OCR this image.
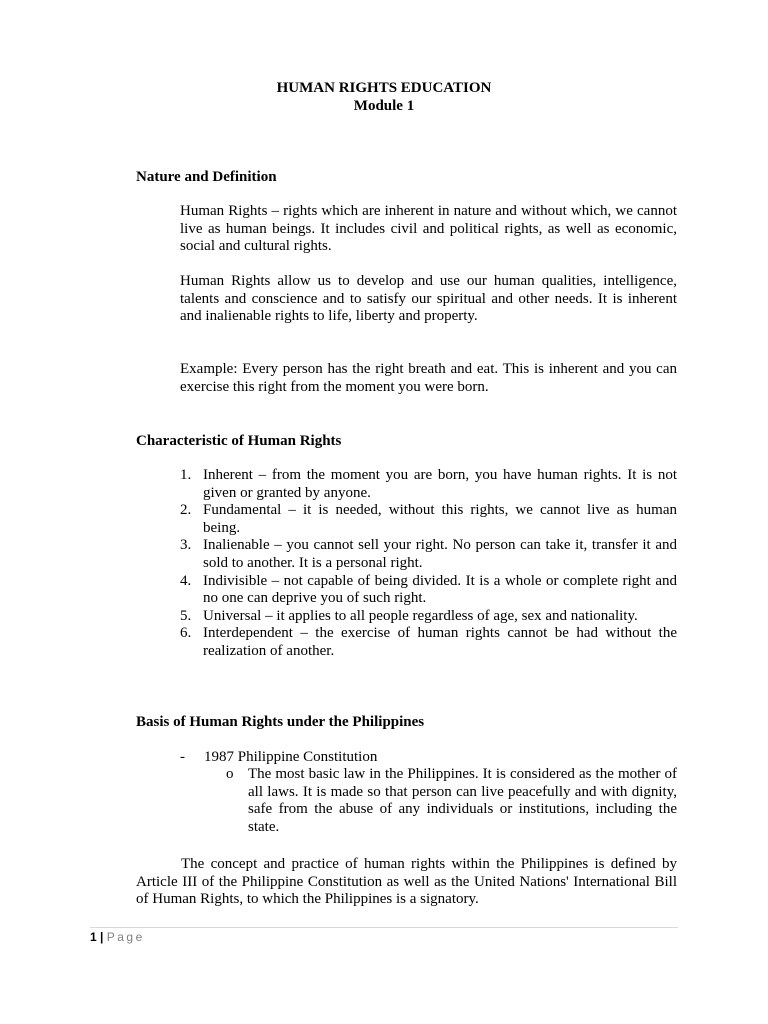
HUMAN RIGHTS EDUCATION
Module 1
Nature and Definition
Human Rights – rights which are inherent in nature and without which, we cannot live as human beings. It includes civil and political rights, as well as economic, social and cultural rights.
Human Rights allow us to develop and use our human qualities, intelligence, talents and conscience and to satisfy our spiritual and other needs. It is inherent and inalienable rights to life, liberty and property.
Example: Every person has the right breath and eat. This is inherent and you can exercise this right from the moment you were born.
Characteristic of Human Rights
1. Inherent – from the moment you are born, you have human rights. It is not given or granted by anyone.
2. Fundamental – it is needed, without this rights, we cannot live as human being.
3. Inalienable – you cannot sell your right. No person can take it, transfer it and sold to another. It is a personal right.
4. Indivisible – not capable of being divided. It is a whole or complete right and no one can deprive you of such right.
5. Universal – it applies to all people regardless of age, sex and nationality.
6. Interdependent – the exercise of human rights cannot be had without the realization of another.
Basis of Human Rights under the Philippines
- 1987 Philippine Constitution
o The most basic law in the Philippines. It is considered as the mother of all laws. It is made so that person can live peacefully and with dignity, safe from the abuse of any individuals or institutions, including the state.
The concept and practice of human rights within the Philippines is defined by Article III of the Philippine Constitution as well as the United Nations' International Bill of Human Rights, to which the Philippines is a signatory.
1 | Page
